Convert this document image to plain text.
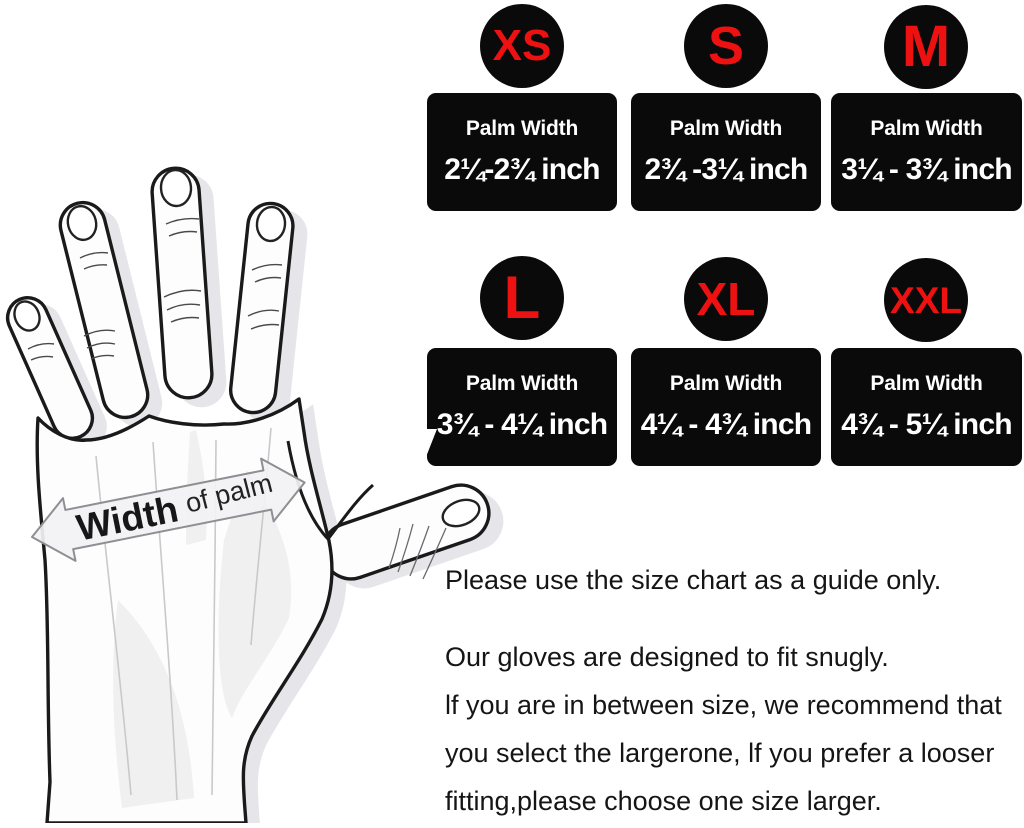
XS	S	M
L	XL	XXL
Palm Width
2¼-2¾ inch
Palm Width
2¾ -3¼ inch
Palm Width
3¼ - 3¾ inch
Palm Width
3¾ - 4¼ inch
Palm Width
4¼ - 4¾ inch
Palm Width
4¾ - 5¼ inch
Width of palm
Please use the size chart as a guide only.
Our gloves are designed to fit snugly.
lf you are in between size, we recommend that
you select the largerone, lf you prefer a looser
fitting,please choose one size larger.
